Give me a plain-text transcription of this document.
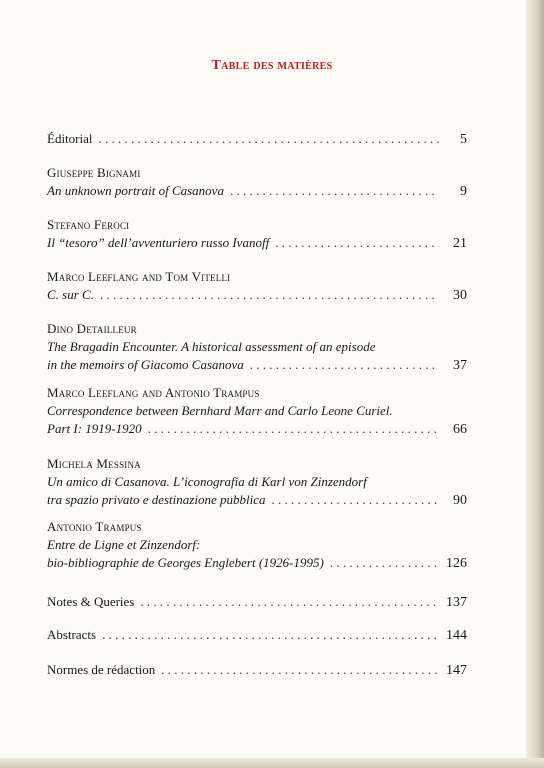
Table des matières
Éditorial . . .	5
Giuseppe Bignami
An unknown portrait of Casanova . . .	9
Stefano Feroci
Il “tesoro” dell’avventuriero russo Ivanoff . . .	21
Marco Leeflang and Tom Vitelli
C. sur C. . . .	30
Dino Detailleur
The Bragadin Encounter. A historical assessment of an episode
in the memoirs of Giacomo Casanova . . .	37
Marco Leeflang and Antonio Trampus
Correspondence between Bernhard Marr and Carlo Leone Curiel.
Part I: 1919-1920 . . .	66
Michela Messina
Un amico di Casanova. L’iconografia di Karl von Zinzendorf
tra spazio privato e destinazione pubblica . . .	90
Antonio Trampus
Entre de Ligne et Zinzendorf:
bio-bibliographie de Georges Englebert (1926-1995) . . .	126
Notes & Queries . . .	137
Abstracts . . .	144
Normes de rédaction . . .	147
